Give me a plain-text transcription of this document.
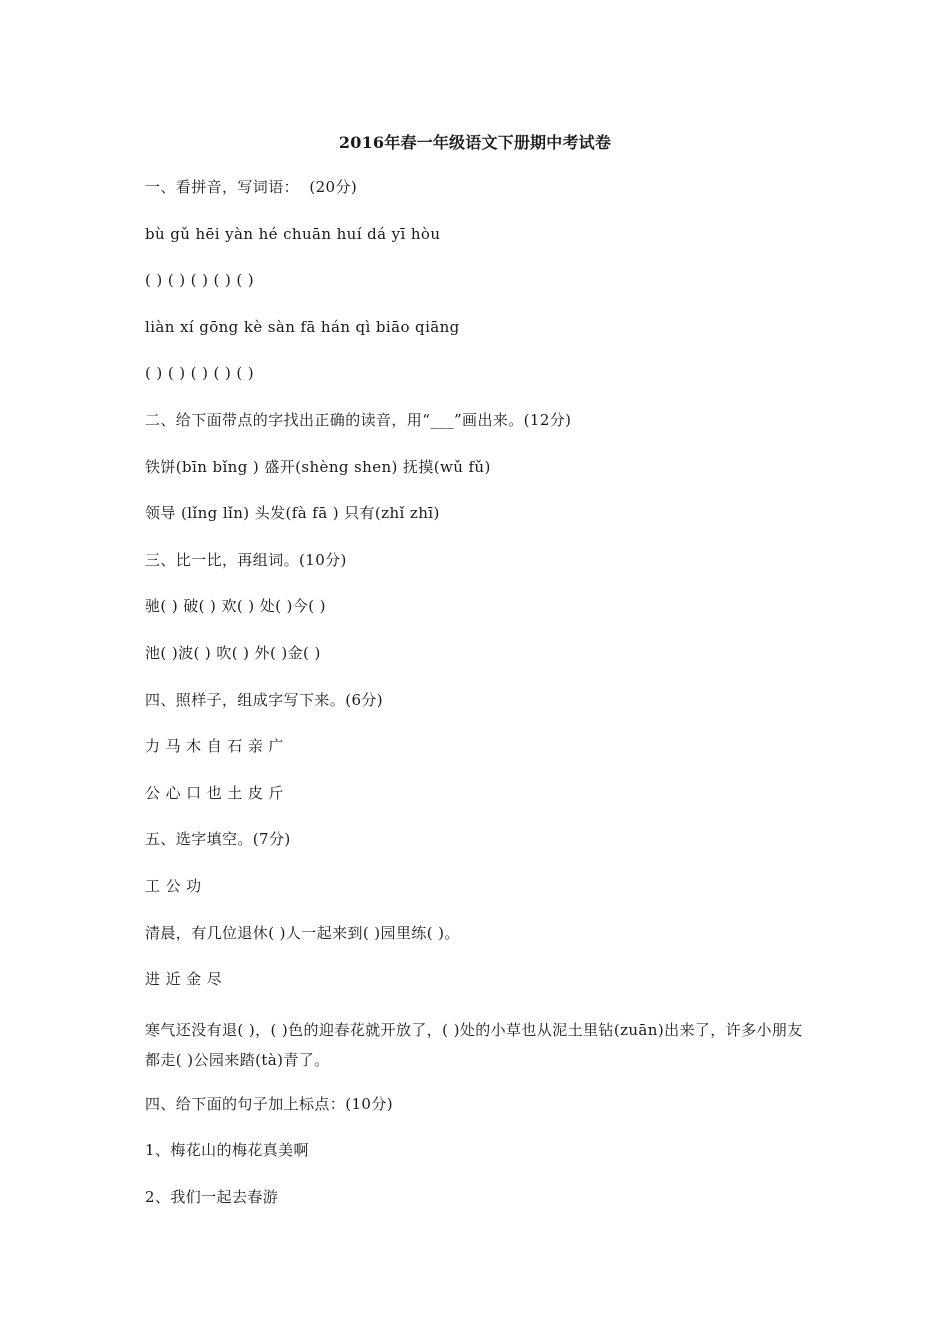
2016年春一年级语文下册期中考试卷
一、看拼音，写词语：  (20分)
bù gǔ hēi yàn hé chuān huí dá yī hòu
( ) ( ) ( ) ( ) ( )
liàn xí gōng kè sàn fā hán qì biāo qiāng
( ) ( ) ( ) ( ) ( )
二、给下面带点的字找出正确的读音，用“___”画出来。(12分)
铁饼(bīn bǐng ) 盛开(shèng shen) 抚摸(wǔ fǔ)
领导 (lǐng lǐn) 头发(fà fā ) 只有(zhǐ zhī)
三、比一比，再组词。(10分)
驰( ) 破( ) 欢( ) 处( )今( )
池( )波( ) 吹( ) 外( )金( )
四、照样子，组成字写下来。(6分)
力 马 木 自 石 亲 广
公 心 口 也 土 皮 斤
五、选字填空。(7分)
工 公 功
清晨，有几位退休( )人一起来到( )园里练( )。
进 近 金 尽
寒气还没有退( )，( )色的迎春花就开放了，( )处的小草也从泥土里钻(zuān)出来了，许多小朋友都走( )公园来踏(tà)青了。
四、给下面的句子加上标点：(10分)
1、梅花山的梅花真美啊
2、我们一起去春游
